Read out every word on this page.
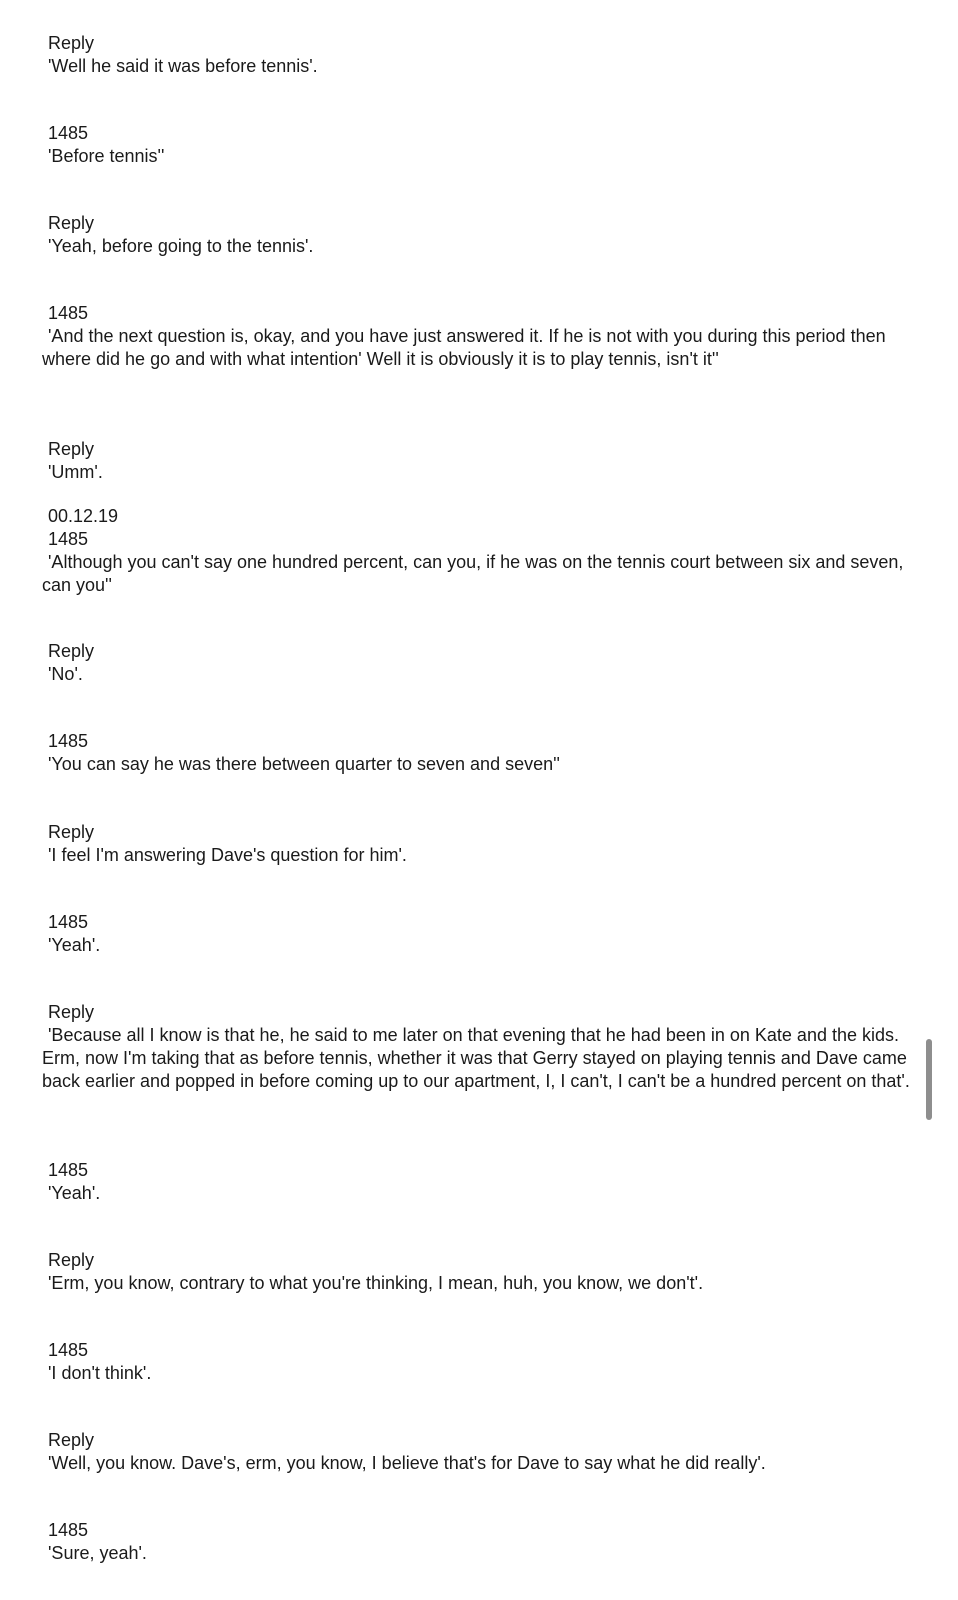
Reply
'Well he said it was before tennis'.
1485
'Before tennis''
Reply
'Yeah, before going to the tennis'.
1485
'And the next question is, okay, and you have just answered it. If he is not with you during this period then where did he go and with what intention' Well it is obviously it is to play tennis, isn't it''
Reply
'Umm'.
00.12.19
1485
'Although you can't say one hundred percent, can you, if he was on the tennis court between six and seven, can you''
Reply
'No'.
1485
'You can say he was there between quarter to seven and seven''
Reply
'I feel I'm answering Dave's question for him'.
1485
'Yeah'.
Reply
'Because all I know is that he, he said to me later on that evening that he had been in on Kate and the kids. Erm, now I'm taking that as before tennis, whether it was that Gerry stayed on playing tennis and Dave came back earlier and popped in before coming up to our apartment, I, I can't, I can't be a hundred percent on that'.
1485
'Yeah'.
Reply
'Erm, you know, contrary to what you're thinking, I mean, huh, you know, we don't'.
1485
'I don't think'.
Reply
'Well, you know. Dave's, erm, you know, I believe that's for Dave to say what he did really'.
1485
'Sure, yeah'.
